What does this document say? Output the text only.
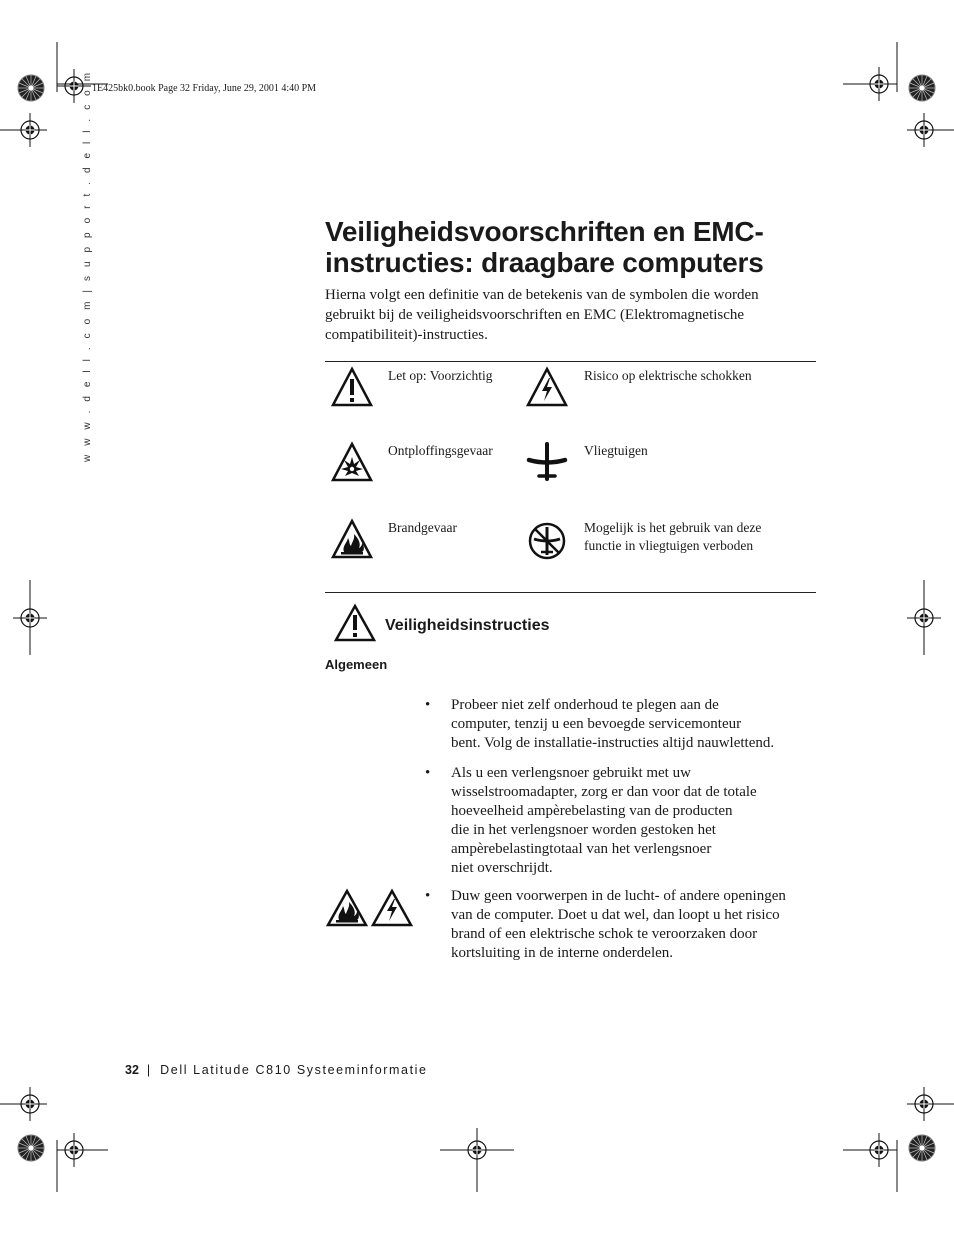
1E425bk0.book Page 32 Friday, June 29, 2001 4:40 PM
w w w . d e l l . c o m | s u p p o r t . d e l l . c o m	Veiligheidsvoorschriften en EMC-
instructies: draagbare computers

Hierna volgt een definitie van de betekenis van de symbolen die worden
gebruikt bij de veiligheidsvoorschriften en EMC (Elektromagnetische
compatibiliteit)-instructies.

Let op: Voorzichtig	Risico op elektrische schokken
Ontploffingsgevaar	Vliegtuigen
Brandgevaar	Mogelijk is het gebruik van deze
functie in vliegtuigen verboden
Veiligheidsinstructies
Algemeen
• Probeer niet zelf onderhoud te plegen aan de
computer, tenzij u een bevoegde servicemonteur
bent. Volg de installatie-instructies altijd nauwlettend.
• Als u een verlengsnoer gebruikt met uw
wisselstroomadapter, zorg er dan voor dat de totale
hoeveelheid ampèrebelasting van de producten
die in het verlengsnoer worden gestoken het
ampèrebelastingtotaal van het verlengsnoer
niet overschrijdt.
• Duw geen voorwerpen in de lucht- of andere openingen
van de computer. Doet u dat wel, dan loopt u het risico
brand of een elektrische schok te veroorzaken door
kortsluiting in de interne onderdelen.
32 | Dell Latitude C810 Systeeminformatie
